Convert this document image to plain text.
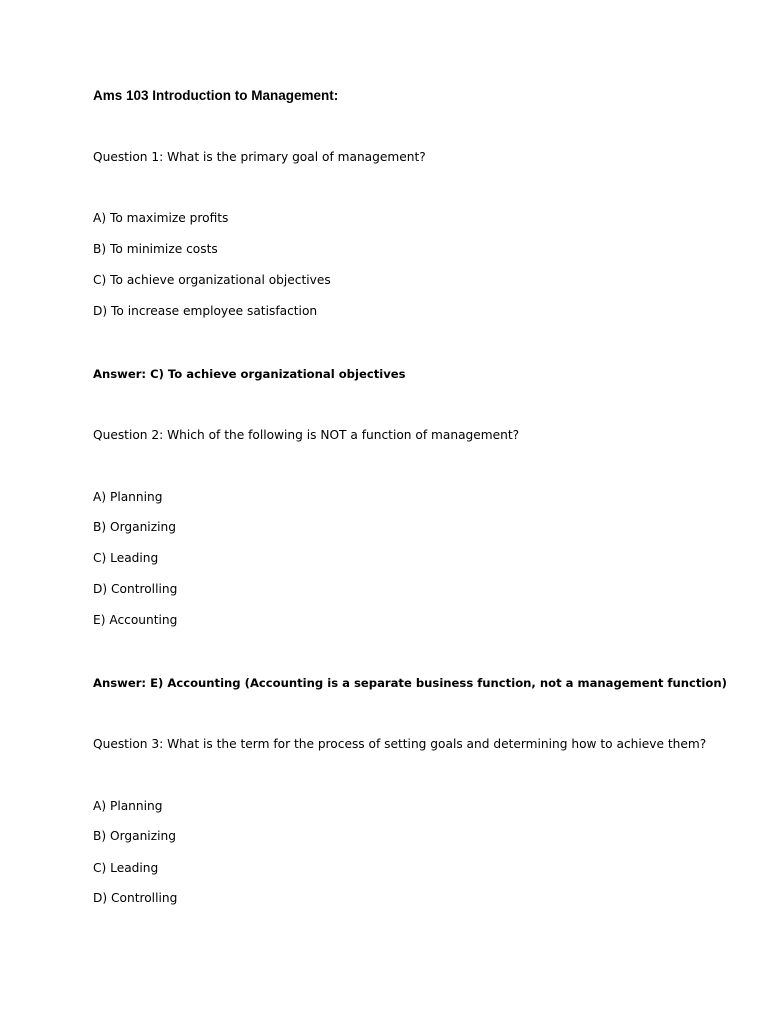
Ams 103 Introduction to Management:
Question 1: What is the primary goal of management?
A) To maximize profits
B) To minimize costs
C) To achieve organizational objectives
D) To increase employee satisfaction
Answer: C) To achieve organizational objectives
Question 2: Which of the following is NOT a function of management?
A) Planning
B) Organizing
C) Leading
D) Controlling
E) Accounting
Answer: E) Accounting (Accounting is a separate business function, not a management function)
Question 3: What is the term for the process of setting goals and determining how to achieve them?
A) Planning
B) Organizing
C) Leading
D) Controlling
